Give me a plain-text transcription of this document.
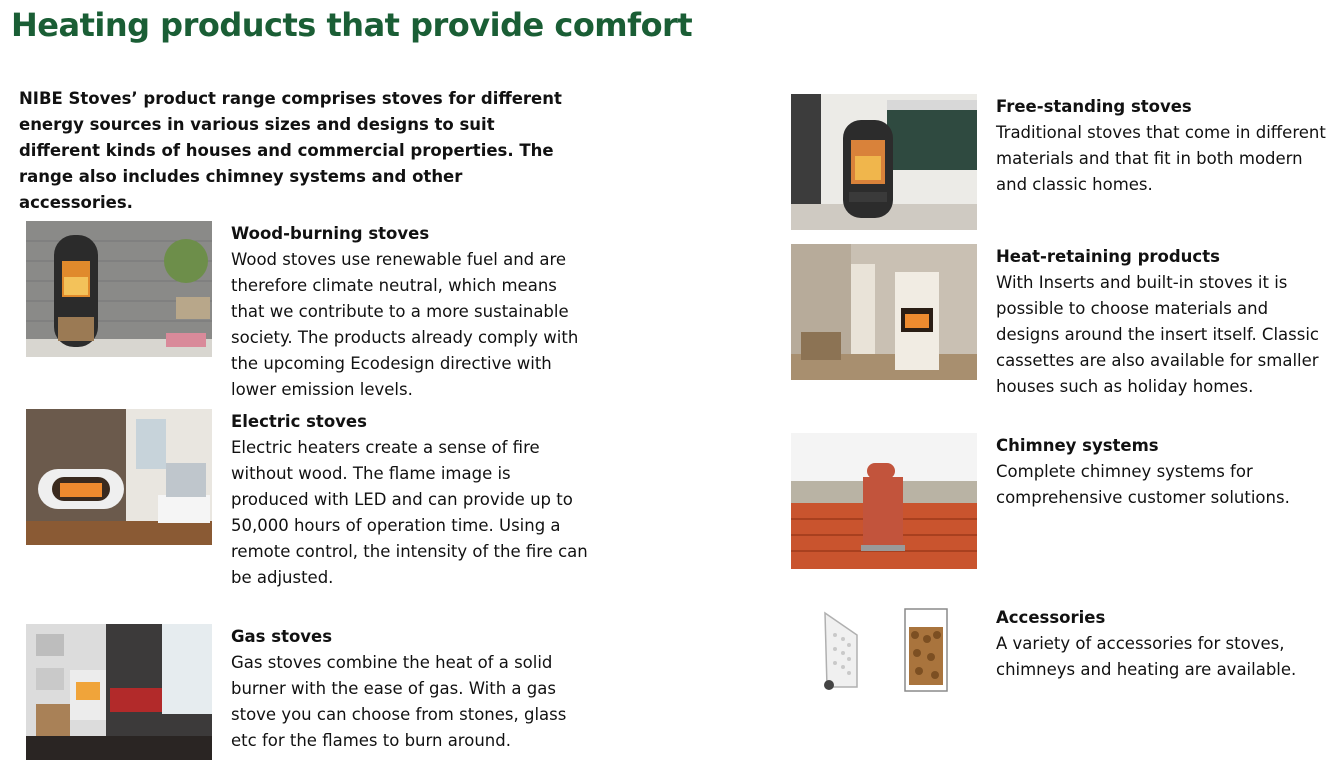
Heating products that provide comfort

NIBE Stoves’ product range comprises stoves for different energy sources in various sizes and designs to suit different kinds of houses and commercial properties. The range also includes chimney systems and other accessories.

Wood-burning stoves
Wood stoves use renewable fuel and are therefore climate neutral, which means that we contribute to a more sustainable society. The products already comply with the upcoming Ecodesign directive with lower emission levels.
Electric stoves
Electric heaters create a sense of fire without wood. The flame image is produced with LED and can provide up to 50,000 hours of operation time. Using a remote control, the intensity of the fire can be adjusted.
Gas stoves
Gas stoves combine the heat of a solid burner with the ease of gas. With a gas stove you can choose from stones, glass etc for the flames to burn around.
Free-standing stoves
Traditional stoves that come in different materials and that fit in both modern and classic homes.
Heat-retaining products
With Inserts and built-in stoves it is possible to choose materials and designs around the insert itself. Classic cassettes are also available for smaller houses such as holiday homes.
Chimney systems
Complete chimney systems for comprehensive customer solutions.
Accessories
A variety of accessories for stoves, chimneys and heating are available.
